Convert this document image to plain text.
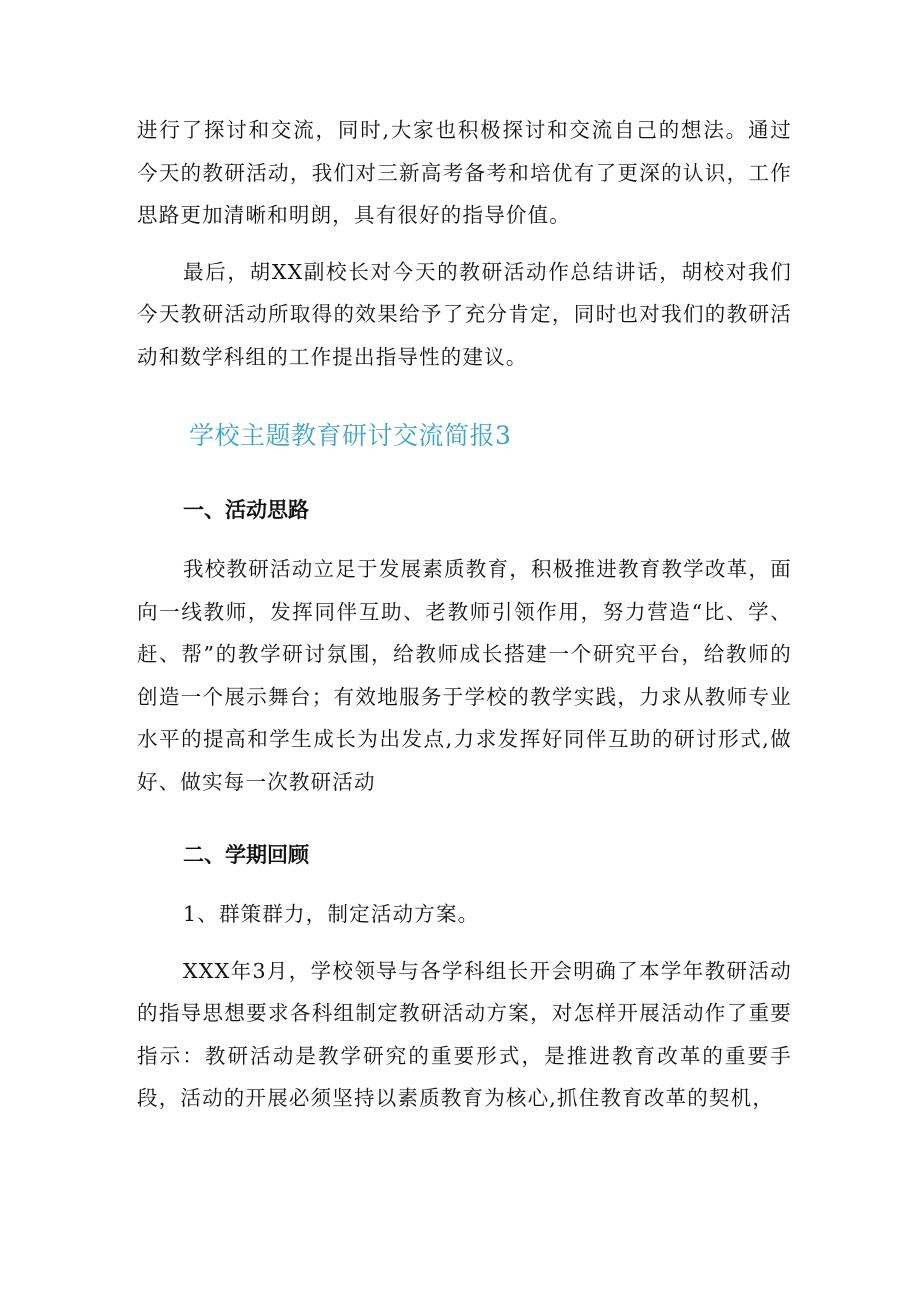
进行了探讨和交流，同时,大家也积极探讨和交流自己的想法。通过今天的教研活动，我们对三新高考备考和培优有了更深的认识，工作思路更加清晰和明朗，具有很好的指导价值。

最后，胡XX副校长对今天的教研活动作总结讲话，胡校对我们今天教研活动所取得的效果给予了充分肯定，同时也对我们的教研活动和数学科组的工作提出指导性的建议。

学校主题教育研讨交流简报3
一、活动思路

我校教研活动立足于发展素质教育，积极推进教育教学改革，面向一线教师，发挥同伴互助、老教师引领作用，努力营造“比、学、赶、帮”的教学研讨氛围，给教师成长搭建一个研究平台，给教师的创造一个展示舞台；有效地服务于学校的教学实践，力求从教师专业水平的提高和学生成长为出发点,力求发挥好同伴互助的研讨形式,做好、做实每一次教研活动

二、学期回顾

1、群策群力，制定活动方案。

XXX年3月，学校领导与各学科组长开会明确了本学年教研活动的指导思想要求各科组制定教研活动方案，对怎样开展活动作了重要指示：教研活动是教学研究的重要形式，是推进教育改革的重要手段，活动的开展必须坚持以素质教育为核心,抓住教育改革的契机，
